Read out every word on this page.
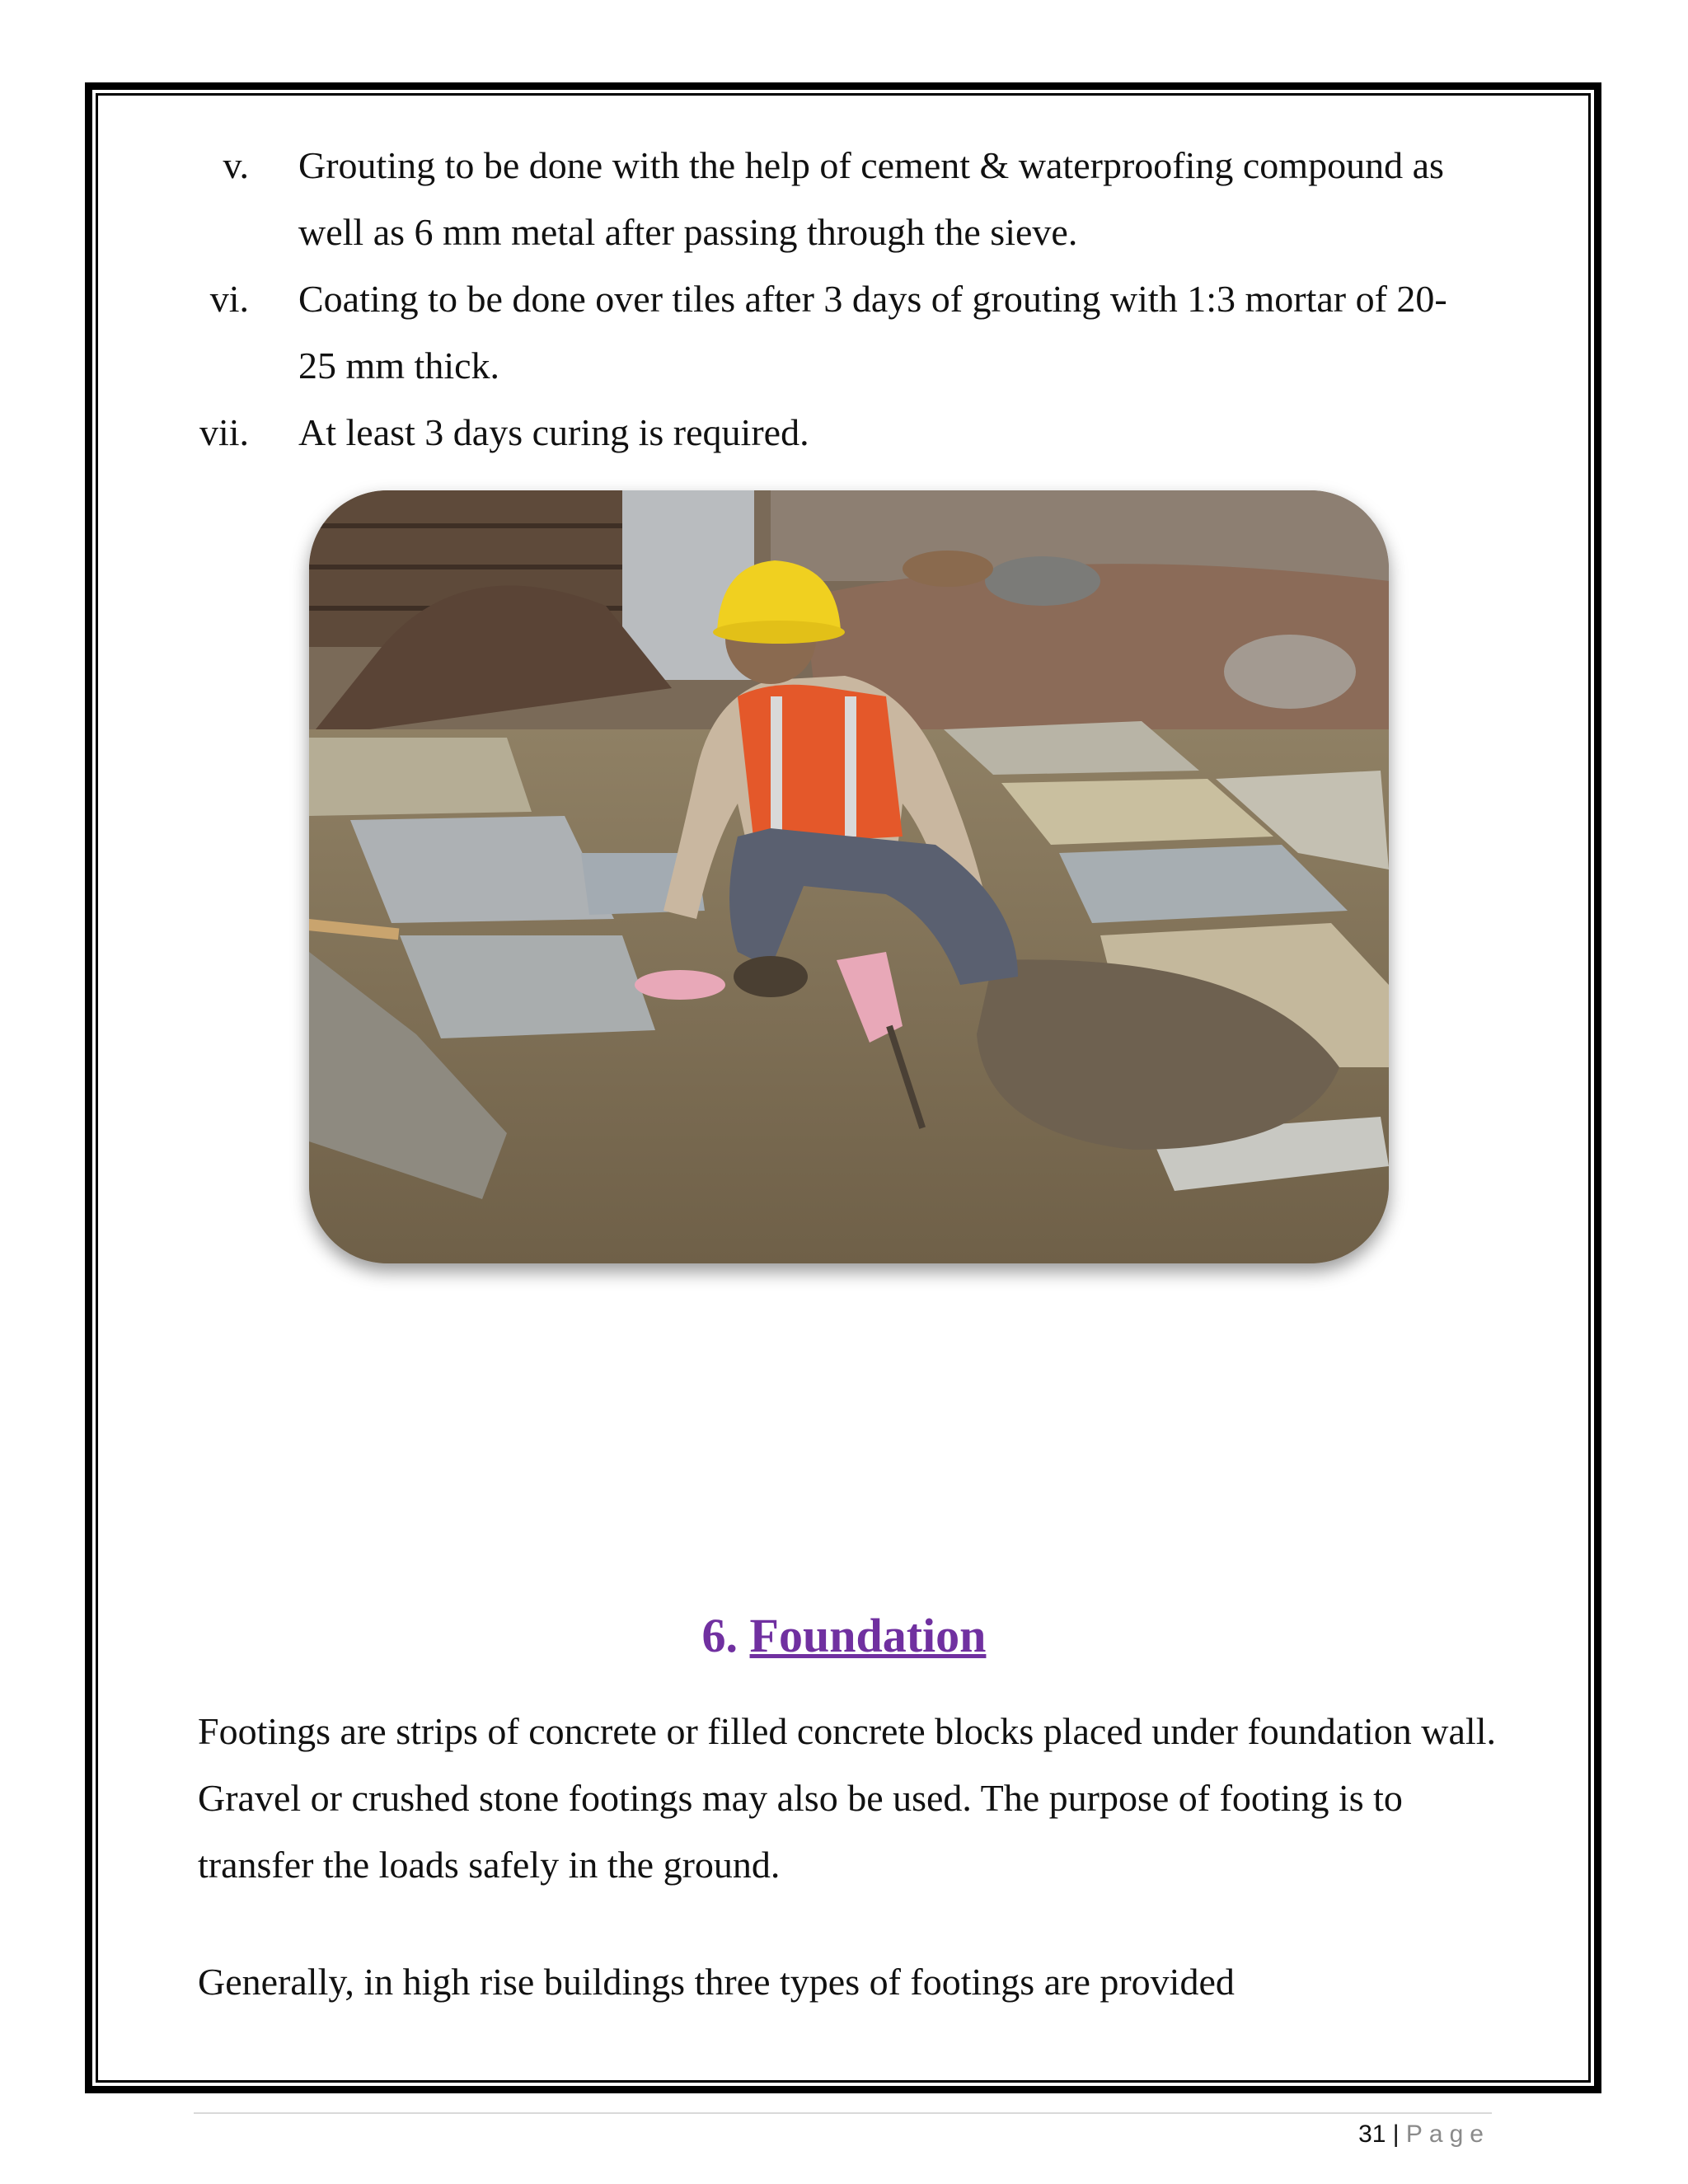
v. Grouting to be done with the help of cement & waterproofing compound as well as 6 mm metal after passing through the sieve.
vi. Coating to be done over tiles after 3 days of grouting with 1:3 mortar of 20-25 mm thick.
vii. At least 3 days curing is required.
6. Foundation
Footings are strips of concrete or filled concrete blocks placed under foundation wall. Gravel or crushed stone footings may also be used. The purpose of footing is to transfer the loads safely in the ground.
Generally, in high rise buildings three types of footings are provided
31 | Page
